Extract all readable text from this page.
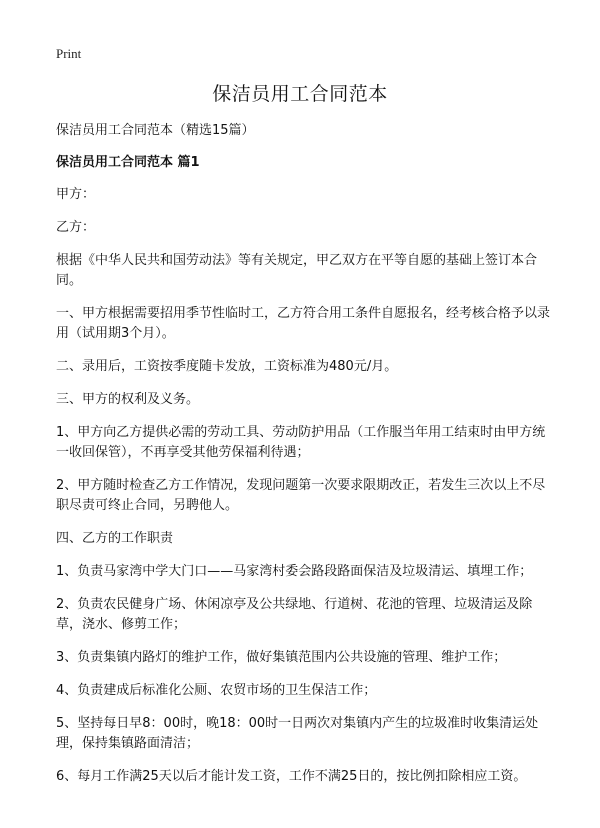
Print
保洁员用工合同范本

保洁员用工合同范本（精选15篇）

保洁员用工合同范本 篇1

甲方：

乙方：

根据《中华人民共和国劳动法》等有关规定，甲乙双方在平等自愿的基础上签订本合同。

一、甲方根据需要招用季节性临时工，乙方符合用工条件自愿报名，经考核合格予以录用（试用期3个月）。

二、录用后，工资按季度随卡发放，工资标准为480元/月。

三、甲方的权利及义务。

1、甲方向乙方提供必需的劳动工具、劳动防护用品（工作服当年用工结束时由甲方统一收回保管），不再享受其他劳保福利待遇；

2、甲方随时检查乙方工作情况，发现问题第一次要求限期改正，若发生三次以上不尽职尽责可终止合同，另聘他人。

四、乙方的工作职责

1、负责马家湾中学大门口——马家湾村委会路段路面保洁及垃圾清运、填埋工作；

2、负责农民健身广场、休闲凉亭及公共绿地、行道树、花池的管理、垃圾清运及除草，浇水、修剪工作；

3、负责集镇内路灯的维护工作，做好集镇范围内公共设施的管理、维护工作；

4、负责建成后标准化公厕、农贸市场的卫生保洁工作；

5、坚持每日早8：00时，晚18：00时一日两次对集镇内产生的垃圾准时收集清运处理，保持集镇路面清洁；

6、每月工作满25天以后才能计发工资，工作不满25日的，按比例扣除相应工资。
